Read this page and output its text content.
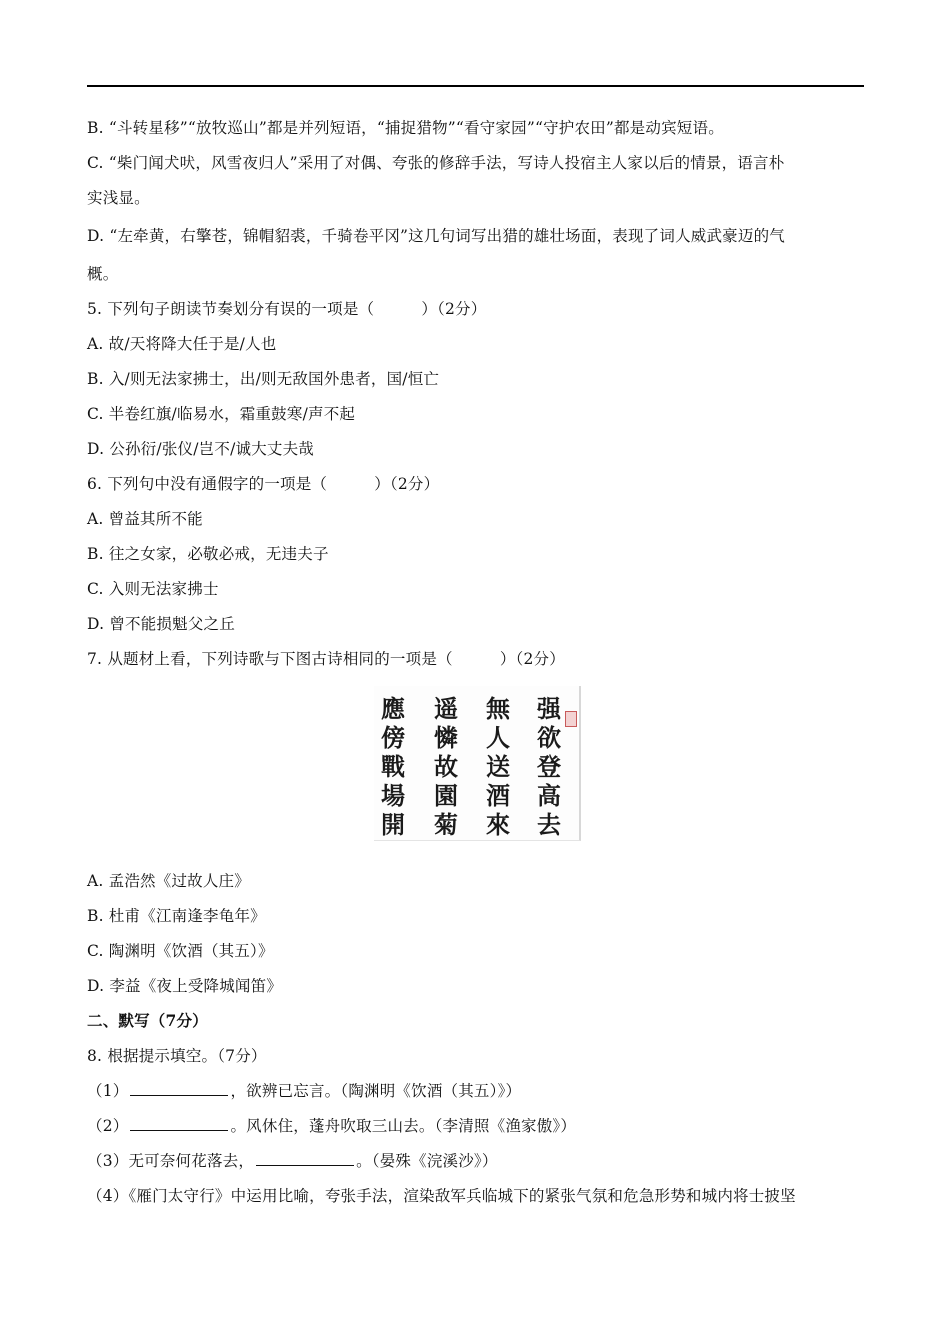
B. “斗转星移”“放牧巡山”都是并列短语，“捕捉猎物”“看守家园”“守护农田”都是动宾短语。
C. “柴门闻犬吠，风雪夜归人”采用了对偶、夸张的修辞手法，写诗人投宿主人家以后的情景，语言朴
实浅显。
D. “左牵黄，右擎苍，锦帽貂裘，千骑卷平冈”这几句词写出猎的雄壮场面，表现了词人威武豪迈的气
概。
5. 下列句子朗读节奏划分有误的一项是（　　　）（2分）
A. 故/天将降大任于是/人也
B. 入/则无法家拂士，出/则无敌国外患者，国/恒亡
C. 半卷红旗/临易水，霜重鼓寒/声不起
D. 公孙衍/张仪/岂不/诚大丈夫哉
6. 下列句中没有通假字的一项是（　　　）（2分）
A. 曾益其所不能
B. 往之女家，必敬必戒，无违夫子
C. 入则无法家拂士
D. 曾不能损魁父之丘
7. 从题材上看，下列诗歌与下图古诗相同的一项是（　　　）（2分）
應
傍
戰
場
開
遥
憐
故
園
菊
無
人
送
酒
來
强
欲
登
高
去
A. 孟浩然《过故人庄》
B. 杜甫《江南逢李龟年》
C. 陶渊明《饮酒（其五）》
D. 李益《夜上受降城闻笛》
二、默写（7分）
8. 根据提示填空。（7分）
（1）	，欲辨已忘言。（陶渊明《饮酒（其五）》）
（2）	。风休住，蓬舟吹取三山去。（李清照《渔家傲》）
（3）无可奈何花落去，	。（晏殊《浣溪沙》）
（4）《雁门太守行》中运用比喻，夸张手法，渲染敌军兵临城下的紧张气氛和危急形势和城内将士披坚
